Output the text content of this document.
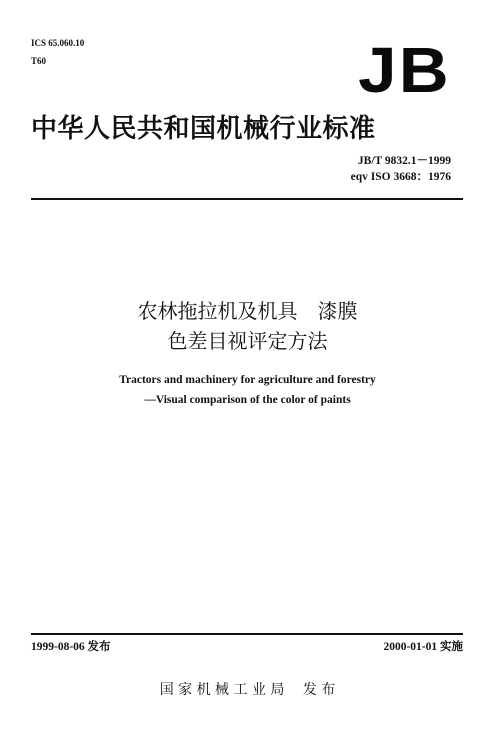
ICS 65.060.10
T60	JB
中华人民共和国机械行业标准
JB/T 9832.1－1999
eqv ISO 3668：1976
农林拖拉机及机具　漆膜
色差目视评定方法
Tractors and machinery for agriculture and forestry
—Visual comparison of the color of paints
1999-08-06 发布	2000-01-01 实施
国 家 机 械 工 业 局　 发 布
